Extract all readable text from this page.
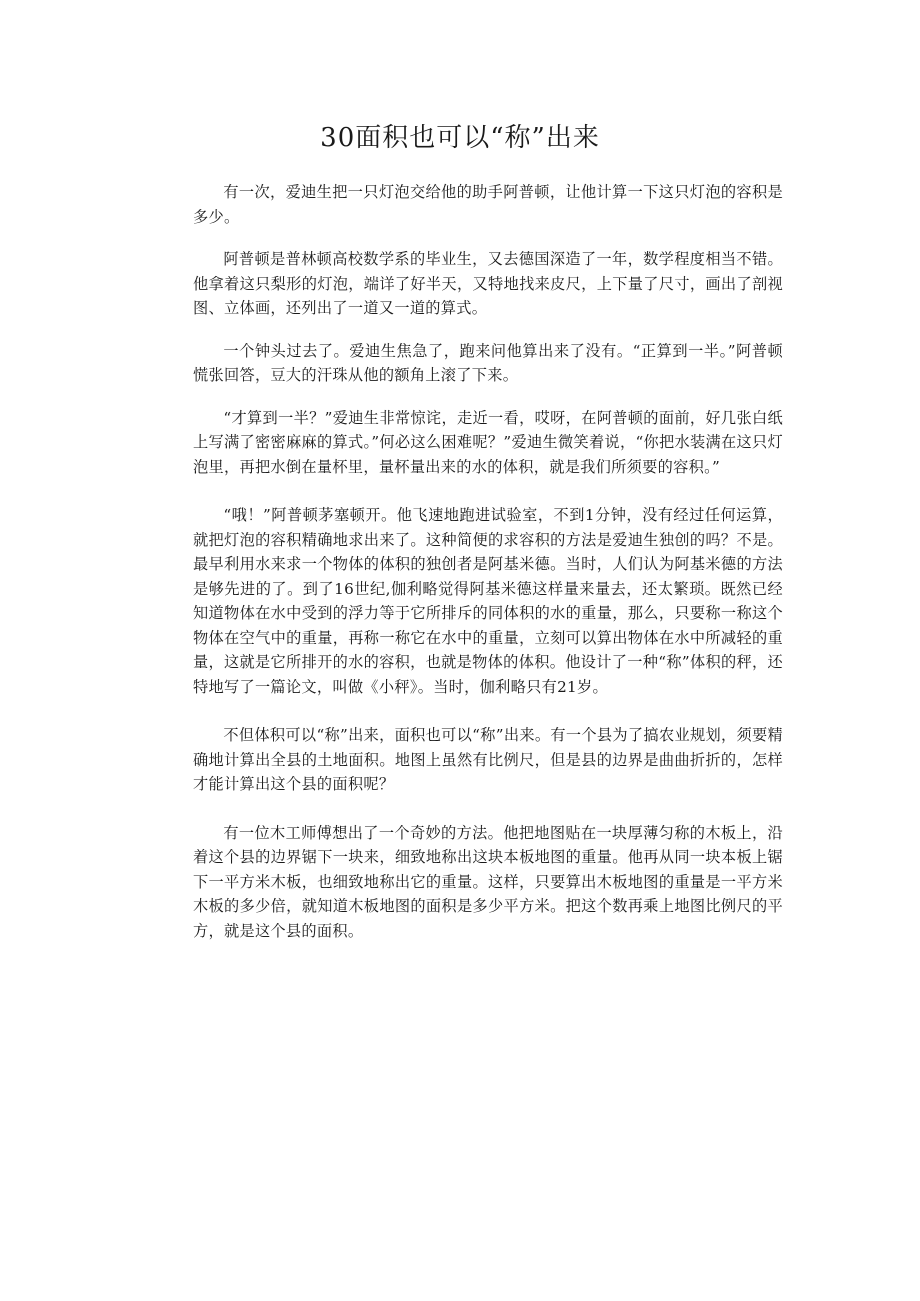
30面积也可以“称”出来

有一次，爱迪生把一只灯泡交给他的助手阿普顿，让他计算一下这只灯泡的容积是多少。

阿普顿是普林顿高校数学系的毕业生，又去德国深造了一年，数学程度相当不错。他拿着这只梨形的灯泡，端详了好半天，又特地找来皮尺，上下量了尺寸，画出了剖视图、立体画，还列出了一道又一道的算式。

一个钟头过去了。爱迪生焦急了，跑来问他算出来了没有。“正算到一半。”阿普顿慌张回答，豆大的汗珠从他的额角上滚了下来。

“才算到一半？”爱迪生非常惊诧，走近一看，哎呀，在阿普顿的面前，好几张白纸上写满了密密麻麻的算式。”何必这么困难呢？”爱迪生微笑着说，“你把水装满在这只灯泡里，再把水倒在量杯里，量杯量出来的水的体积，就是我们所须要的容积。”

“哦！”阿普顿茅塞顿开。他飞速地跑进试验室，不到1分钟，没有经过任何运算，就把灯泡的容积精确地求出来了。这种简便的求容积的方法是爱迪生独创的吗？不是。最早利用水来求一个物体的体积的独创者是阿基米德。当时，人们认为阿基米德的方法是够先进的了。到了16世纪,伽利略觉得阿基米德这样量来量去，还太繁琐。既然已经知道物体在水中受到的浮力等于它所排斥的同体积的水的重量，那么，只要称一称这个物体在空气中的重量，再称一称它在水中的重量，立刻可以算出物体在水中所减轻的重量，这就是它所排开的水的容积，也就是物体的体积。他设计了一种“称”体积的秤，还特地写了一篇论文，叫做《小秤》。当时，伽利略只有21岁。

不但体积可以“称”出来，面积也可以“称”出来。有一个县为了搞农业规划，须要精确地计算出全县的土地面积。地图上虽然有比例尺，但是县的边界是曲曲折折的，怎样才能计算出这个县的面积呢？

有一位木工师傅想出了一个奇妙的方法。他把地图贴在一块厚薄匀称的木板上，沿着这个县的边界锯下一块来，细致地称出这块本板地图的重量。他再从同一块本板上锯下一平方米木板，也细致地称出它的重量。这样，只要算出木板地图的重量是一平方米木板的多少倍，就知道木板地图的面积是多少平方米。把这个数再乘上地图比例尺的平方，就是这个县的面积。
